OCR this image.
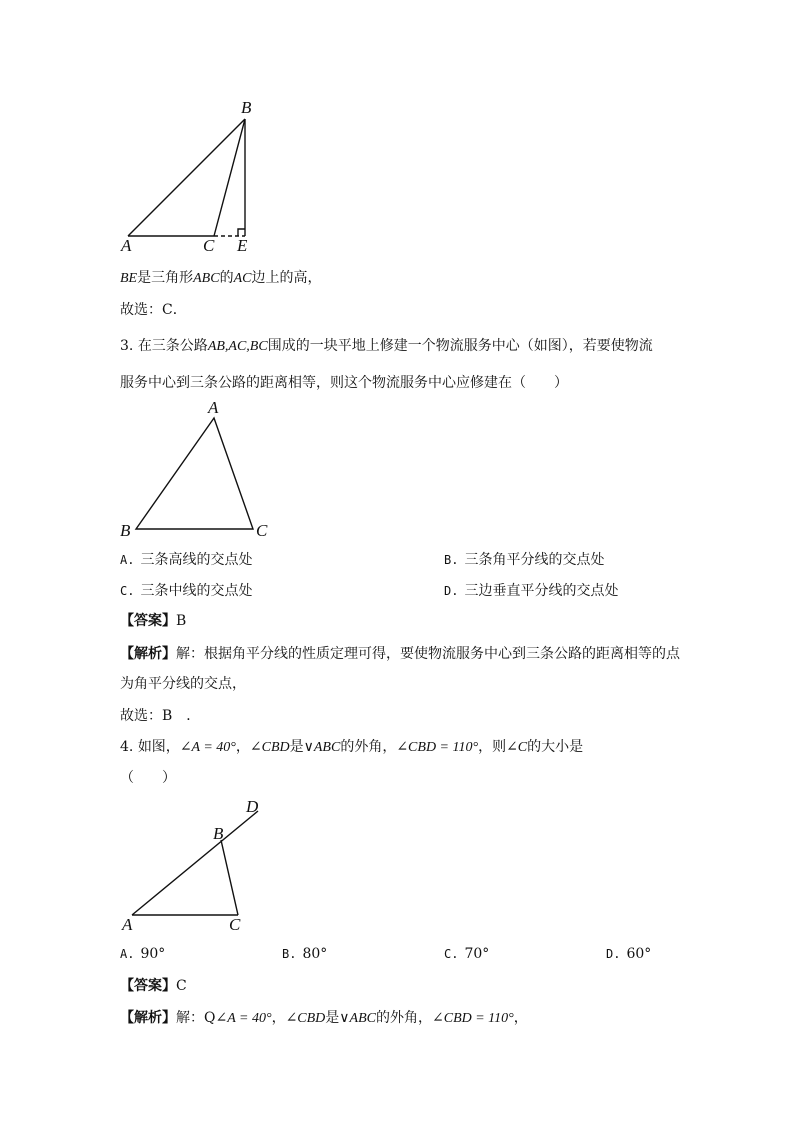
B
A	C E
BE是三角形ABC的AC边上的高，
故选：C．
3. 在三条公路AB,AC,BC围成的一块平地上修建一个物流服务中心（如图），若要使物流
服务中心到三条公路的距离相等，则这个物流服务中心应修建在（　　）
A
B	C
A. 三条高线的交点处	B. 三条角平分线的交点处
C. 三条中线的交点处	D. 三边垂直平分线的交点处
【答案】B
【解析】解：根据角平分线的性质定理可得，要使物流服务中心到三条公路的距离相等的点
为角平分线的交点，
故选：B　．
4. 如图，∠A = 40°，∠CBD是∨ABC的外角，∠CBD = 110°，则∠C的大小是
（　　）
D
B
A	C
A. 90°	B. 80°	C. 70°	D. 60°
【答案】C
【解析】解：Q∠A = 40°，∠CBD是∨ABC的外角，∠CBD = 110°，
